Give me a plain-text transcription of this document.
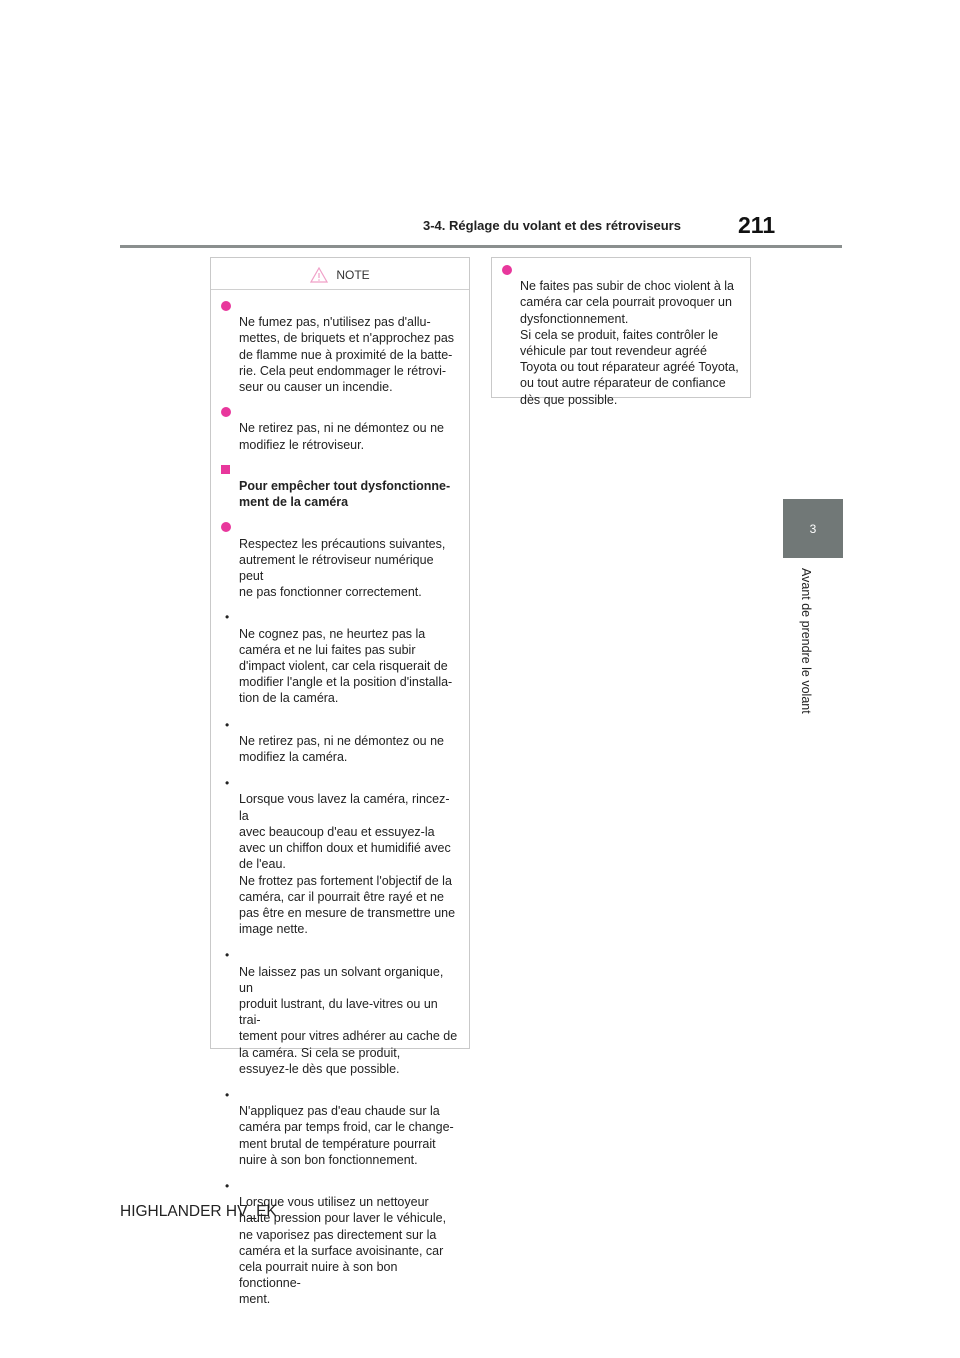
3-4. Réglage du volant et des rétroviseurs 211
3
Avant de prendre le volant
NOTE

Ne fumez pas, n'utilisez pas d'allu-
mettes, de briquets et n'approchez pas
de flamme nue à proximité de la batte-
rie. Cela peut endommager le rétrovi-
seur ou causer un incendie.

Ne retirez pas, ni ne démontez ou ne
modifiez le rétroviseur.

Pour empêcher tout dysfonctionne-
ment de la caméra

Respectez les précautions suivantes,
autrement le rétroviseur numérique peut
ne pas fonctionner correctement.

•
Ne cognez pas, ne heurtez pas la
caméra et ne lui faites pas subir
d'impact violent, car cela risquerait de
modifier l'angle et la position d'installa-
tion de la caméra.

•
Ne retirez pas, ni ne démontez ou ne
modifiez la caméra.

•
Lorsque vous lavez la caméra, rincez-la
avec beaucoup d'eau et essuyez-la
avec un chiffon doux et humidifié avec
de l'eau.
Ne frottez pas fortement l'objectif de la
caméra, car il pourrait être rayé et ne
pas être en mesure de transmettre une
image nette.

•
Ne laissez pas un solvant organique, un
produit lustrant, du lave-vitres ou un trai-
tement pour vitres adhérer au cache de
la caméra. Si cela se produit,
essuyez-le dès que possible.

•
N'appliquez pas d'eau chaude sur la
caméra par temps froid, car le change-
ment brutal de température pourrait
nuire à son bon fonctionnement.

•
Lorsque vous utilisez un nettoyeur
haute pression pour laver le véhicule,
ne vaporisez pas directement sur la
caméra et la surface avoisinante, car
cela pourrait nuire à son bon fonctionne-
ment.

Ne faites pas subir de choc violent à la
caméra car cela pourrait provoquer un
dysfonctionnement.
Si cela se produit, faites contrôler le
véhicule par tout revendeur agréé
Toyota ou tout réparateur agréé Toyota,
ou tout autre réparateur de confiance
dès que possible.

HIGHLANDER HV_EK
